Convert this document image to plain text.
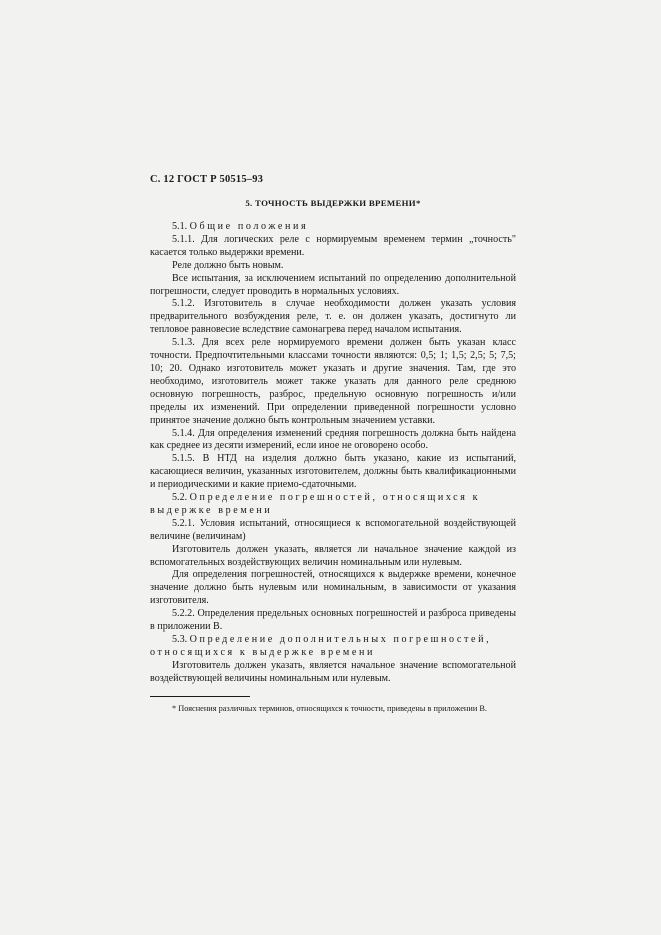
С. 12 ГОСТ Р 50515–93
5. ТОЧНОСТЬ ВЫДЕРЖКИ ВРЕМЕНИ*

5.1. Общие положения

5.1.1. Для логических реле с нормируемым временем термин „точность" касается только выдержки времени.

Реле должно быть новым.

Все испытания, за исключением испытаний по определению дополнительной погрешности, следует проводить в нормальных условиях.

5.1.2. Изготовитель в случае необходимости должен указать условия предварительного возбуждения реле, т. е. он должен указать, достигнуто ли тепловое равновесие вследствие самонагрева перед началом испытания.

5.1.3. Для всех реле нормируемого времени должен быть указан класс точности. Предпочтительными классами точности являются: 0,5; 1; 1,5; 2,5; 5; 7,5; 10; 20. Однако изготовитель может указать и другие значения. Там, где это необходимо, изготовитель может также указать для данного реле среднюю основную погрешность, разброс, предельную основную погрешность и/или пределы их изменений. При определении приведенной погрешности условно принятое значение должно быть контрольным значением уставки.

5.1.4. Для определения изменений средняя погрешность должна быть найдена как среднее из десяти измерений, если иное не оговорено особо.

5.1.5. В НТД на изделия должно быть указано, какие из испытаний, касающиеся величин, указанных изготовителем, должны быть квалификационными и периодическими и какие приемо-сдаточными.

5.2. Определение погрешностей, относящихся к выдержке времени

5.2.1. Условия испытаний, относящиеся к вспомогательной воздействующей величине (величинам)

Изготовитель должен указать, является ли начальное значение каждой из вспомогательных воздействующих величин номинальным или нулевым.

Для определения погрешностей, относящихся к выдержке времени, конечное значение должно быть нулевым или номинальным, в зависимости от указания изготовителя.

5.2.2. Определения предельных основных погрешностей и разброса приведены в приложении В.

5.3. Определение дополнительных погрешностей, относящихся к выдержке времени

Изготовитель должен указать, является начальное значение вспомогательной воздействующей величины номинальным или нулевым.

* Пояснения различных терминов, относящихся к точности, приведены в приложении В.
